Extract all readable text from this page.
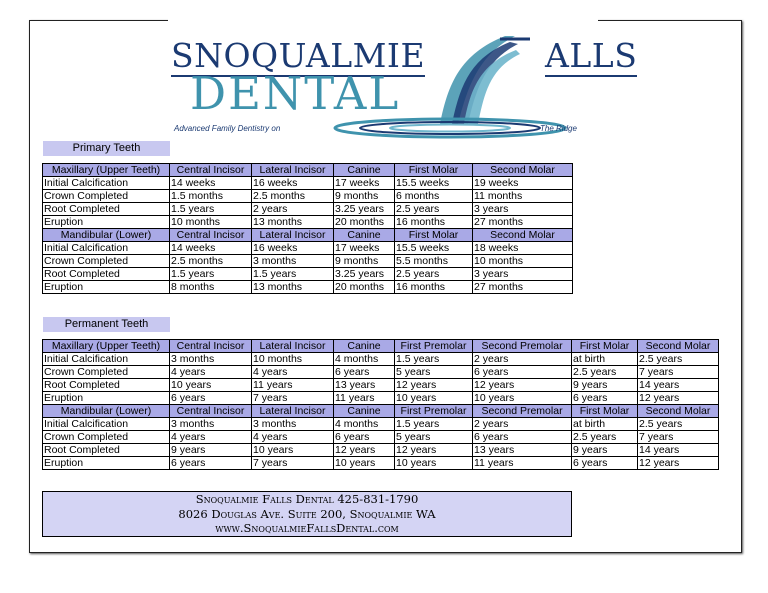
SNOQUALMIE	ALLS
DENTAL
Advanced Family Dentistry on	The Ridge
Primary Teeth
Maxillary (Upper Teeth)	Central Incisor	Lateral Incisor	Canine	First Molar	Second Molar
Initial Calcification	14 weeks	16 weeks	17 weeks	15.5 weeks	19 weeks
Crown Completed	1.5 months	2.5 months	9 months	6 months	11 months
Root Completed	1.5 years	2 years	3.25 years	2.5 years	3 years
Eruption	10 months	13 months	20 months	16 months	27 months
Mandibular (Lower)	Central Incisor	Lateral Incisor	Canine	First Molar	Second Molar
Initial Calcification	14 weeks	16 weeks	17 weeks	15.5 weeks	18 weeks
Crown Completed	2.5 months	3 months	9 months	5.5 months	10 months
Root Completed	1.5 years	1.5 years	3.25 years	2.5 years	3 years
Eruption	8 months	13 months	20 months	16 months	27 months
Permanent Teeth
Maxillary (Upper Teeth)	Central Incisor	Lateral Incisor	Canine	First Premolar	Second Premolar	First Molar	Second Molar
Initial Calcification	3 months	10 months	4 months	1.5 years	2 years	at birth	2.5 years
Crown Completed	4 years	4 years	6 years	5 years	6 years	2.5 years	7 years
Root Completed	10 years	11 years	13 years	12 years	12 years	9 years	14 years
Eruption	6 years	7 years	11 years	10 years	10 years	6 years	12 years
Mandibular (Lower)	Central Incisor	Lateral Incisor	Canine	First Premolar	Second Premolar	First Molar	Second Molar
Initial Calcification	3 months	3 months	4 months	1.5 years	2 years	at birth	2.5 years
Crown Completed	4 years	4 years	6 years	5 years	6 years	2.5 years	7 years
Root Completed	9 years	10 years	12 years	12 years	13 years	9 years	14 years
Eruption	6 years	7 years	10 years	10 years	11 years	6 years	12 years
Snoqualmie Falls Dental 425-831-1790
8026 Douglas Ave. Suite 200, Snoqualmie WA
www.SnoqualmieFallsDental.com
